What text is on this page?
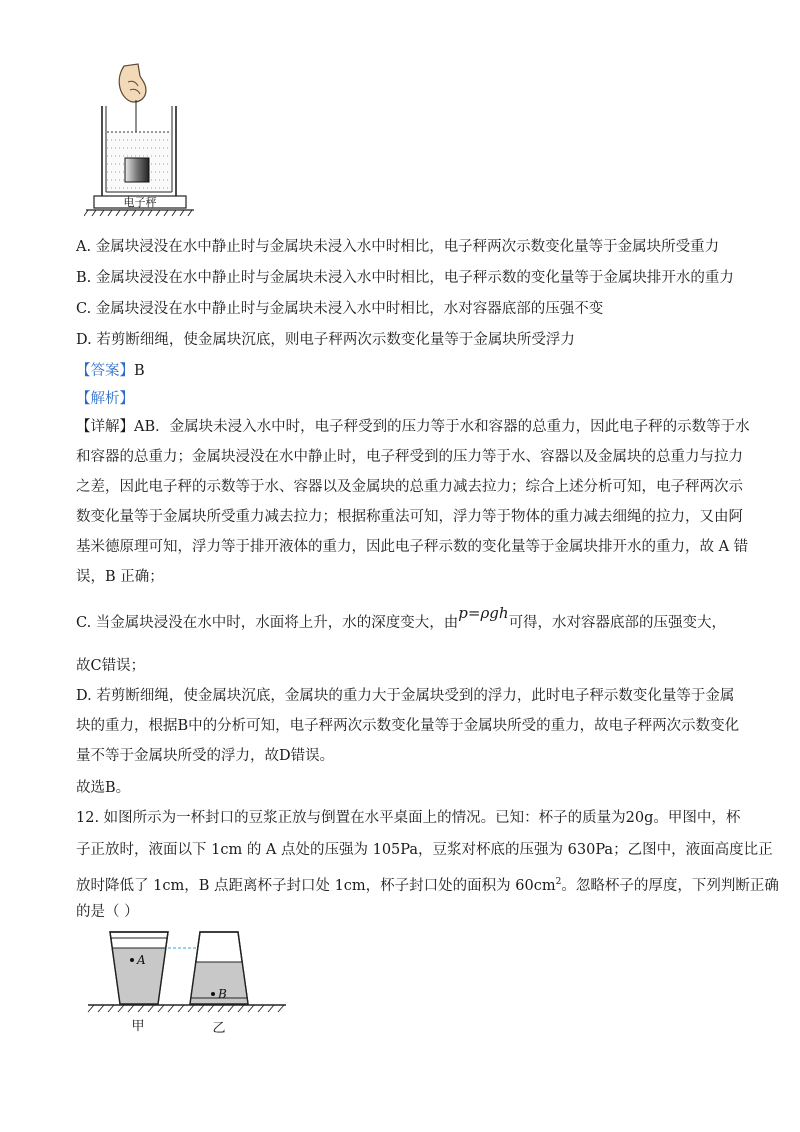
电子秤
A. 金属块浸没在水中静止时与金属块未浸入水中时相比，电子秤两次示数变化量等于金属块所受重力
B. 金属块浸没在水中静止时与金属块未浸入水中时相比，电子秤示数的变化量等于金属块排开水的重力
C. 金属块浸没在水中静止时与金属块未浸入水中时相比，水对容器底部的压强不变
D. 若剪断细绳，使金属块沉底，则电子秤两次示数变化量等于金属块所受浮力
【答案】B
【解析】
【详解】AB．金属块未浸入水中时，电子秤受到的压力等于水和容器的总重力，因此电子秤的示数等于水
和容器的总重力；金属块浸没在水中静止时，电子秤受到的压力等于水、容器以及金属块的总重力与拉力
之差，因此电子秤的示数等于水、容器以及金属块的总重力减去拉力；综合上述分析可知，电子秤两次示
数变化量等于金属块所受重力减去拉力；根据称重法可知，浮力等于物体的重力减去细绳的拉力，又由阿
基米德原理可知，浮力等于排开液体的重力，因此电子秤示数的变化量等于金属块排开水的重力，故 A 错
误，B 正确；
C. 当金属块浸没在水中时，水面将上升，水的深度变大，由p=ρgh可得，水对容器底部的压强变大，
故C错误；
D. 若剪断细绳，使金属块沉底，金属块的重力大于金属块受到的浮力，此时电子秤示数变化量等于金属
块的重力，根据B中的分析可知，电子秤两次示数变化量等于金属块所受的重力，故电子秤两次示数变化
量不等于金属块所受的浮力，故D错误。
故选B。
12. 如图所示为一杯封口的豆浆正放与倒置在水平桌面上的情况。已知：杯子的质量为20g。甲图中，杯
子正放时，液面以下 1cm 的 A 点处的压强为 105Pa，豆浆对杯底的压强为 630Pa；乙图中，液面高度比正
放时降低了 1cm，B 点距离杯子封口处 1cm，杯子封口处的面积为 $60cm^2$。忽略杯子的厚度，下列判断正确
的是（ ）
A
B
甲	乙
